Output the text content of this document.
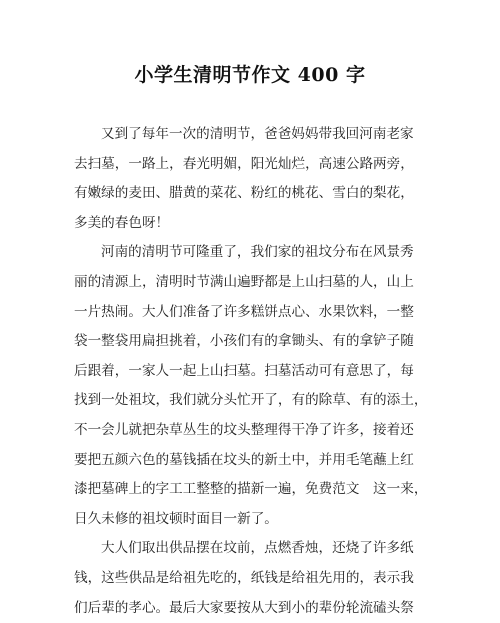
小学生清明节作文 400 字
又到了每年一次的清明节，爸爸妈妈带我回河南老家
去扫墓，一路上，春光明媚，阳光灿烂，高速公路两旁，
有嫩绿的麦田、腊黄的菜花、粉红的桃花、雪白的梨花，
多美的春色呀！
河南的清明节可隆重了，我们家的祖坟分布在风景秀
丽的清源上，清明时节满山遍野都是上山扫墓的人，山上
一片热闹。大人们准备了许多糕饼点心、水果饮料，一整
袋一整袋用扁担挑着，小孩们有的拿锄头、有的拿铲子随
后跟着，一家人一起上山扫墓。扫墓活动可有意思了，每
找到一处祖坟，我们就分头忙开了，有的除草、有的添土，
不一会儿就把杂草丛生的坟头整理得干净了许多，接着还
要把五颜六色的墓钱插在坟头的新土中，并用毛笔蘸上红
漆把墓碑上的字工工整整的描新一遍，免费范文　这一来，
日久未修的祖坟顿时面目一新了。
大人们取出供品摆在坟前，点燃香烛，还烧了许多纸
钱，这些供品是给祖先吃的，纸钱是给祖先用的，表示我
们后辈的孝心。最后大家要按从大到小的辈份轮流磕头祭
